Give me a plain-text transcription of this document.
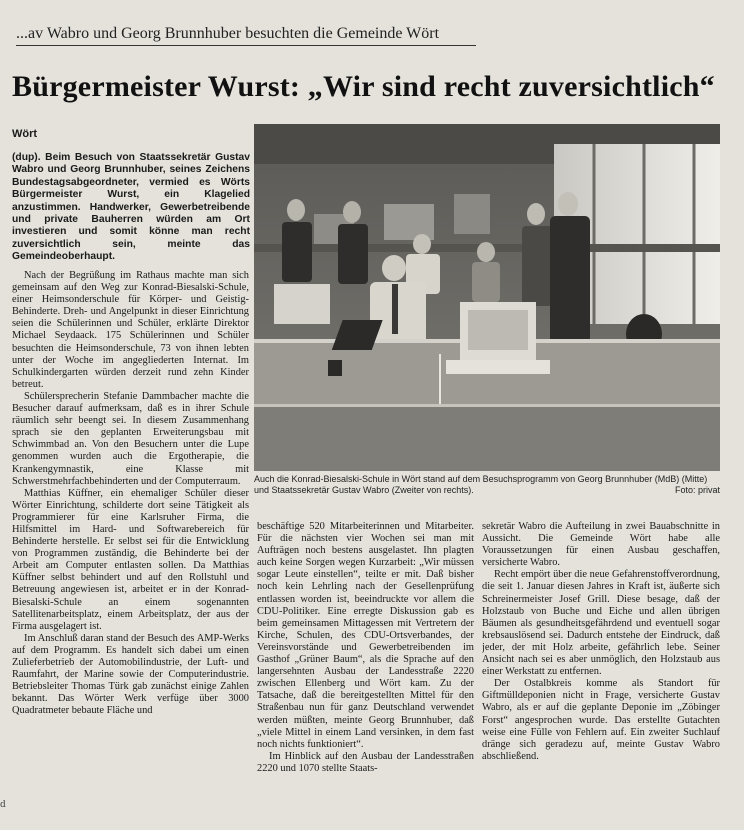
...av Wabro und Georg Brunnhuber besuchten die Gemeinde Wört
Bürgermeister Wurst: „Wir sind recht zuversichtlich“
Wört
(dup). Beim Besuch von Staatssekretär Gustav Wabro und Georg Brunnhuber, seines Zeichens Bundestagsabgeordneter, vermied es Wörts Bürgermeister Wurst, ein Klagelied anzustimmen. Handwerker, Gewerbetreibende und private Bauherren würden am Ort investieren und somit könne man recht zuversichtlich sein, meinte das Gemeindeoberhaupt.
Auch die Konrad-Biesalski-Schule in Wört stand auf dem Besuchsprogramm von Georg Brunnhuber (MdB) (Mitte) und Staatssekretär Gustav Wabro (Zweiter von rechts).	Foto: privat

Nach der Begrüßung im Rathaus machte man sich gemeinsam auf den Weg zur Konrad-Biesalski-Schule, einer Heimsonderschule für Körper- und Geistig-Behinderte. Dreh- und Angelpunkt in dieser Einrichtung seien die Schülerinnen und Schüler, erklärte Direktor Michael Seydaack. 175 Schülerinnen und Schüler besuchten die Heimsonderschule, 73 von ihnen lebten unter der Woche im angegliederten Internat. Im Schulkindergarten würden derzeit rund zehn Kinder betreut.

Schülersprecherin Stefanie Dammbacher machte die Besucher darauf aufmerksam, daß es in ihrer Schule räumlich sehr beengt sei. In diesem Zusammenhang sprach sie den geplanten Erweiterungsbau mit Schwimmbad an. Von den Besuchern unter die Lupe genommen wurden auch die Ergotherapie, die Krankengymnastik, eine Klasse mit Schwerstmehrfachbehinderten und der Computerraum.

Matthias Küffner, ein ehemaliger Schüler dieser Wörter Einrichtung, schilderte dort seine Tätigkeit als Programmierer für eine Karlsruher Firma, die Hilfsmittel im Hard- und Softwarebereich für Behinderte herstelle. Er selbst sei für die Entwicklung von Programmen zuständig, die Behinderte bei der Arbeit am Computer entlasten sollen. Da Matthias Küffner selbst behindert und auf den Rollstuhl und Betreuung angewiesen ist, arbeitet er in der Konrad-Biesalski-Schule an einem sogenannten Satellitenarbeitsplatz, einem Arbeitsplatz, der aus der Firma ausgelagert ist.

Im Anschluß daran stand der Besuch des AMP-Werks auf dem Programm. Es handelt sich dabei um einen Zulieferbetrieb der Automobilindustrie, der Luft- und Raumfahrt, der Marine sowie der Computerindustrie. Betriebsleiter Thomas Türk gab zunächst einige Zahlen bekannt. Das Wörter Werk verfüge über 3000 Quadratmeter bebaute Fläche und

beschäftige 520 Mitarbeiterinnen und Mitarbeiter. Für die nächsten vier Wochen sei man mit Aufträgen noch bestens ausgelastet. Ihn plagten auch keine Sorgen wegen Kurzarbeit: „Wir müssen sogar Leute einstellen“, teilte er mit. Daß bisher noch kein Lehrling nach der Gesellenprüfung entlassen worden ist, beeindruckte vor allem die CDU-Politiker. Eine erregte Diskussion gab es beim gemeinsamen Mittagessen mit Vertretern der Kirche, Schulen, des CDU-Ortsverbandes, der Vereinsvorstände und Gewerbetreibenden im Gasthof „Grüner Baum“, als die Sprache auf den langersehnten Ausbau der Landesstraße 2220 zwischen Ellenberg und Wört kam. Zu der Tatsache, daß die bereitgestellten Mittel für den Straßenbau nun für ganz Deutschland verwendet werden müßten, meinte Georg Brunnhuber, daß „viele Mittel in einem Land versinken, in dem fast noch nichts funktioniert“.

Im Hinblick auf den Ausbau der Landesstraßen 2220 und 1070 stellte Staats-

sekretär Wabro die Aufteilung in zwei Bauabschnitte in Aussicht. Die Gemeinde Wört habe alle Voraussetzungen für einen Ausbau geschaffen, versicherte Wabro.

Recht empört über die neue Gefahrenstoffverordnung, die seit 1. Januar diesen Jahres in Kraft ist, äußerte sich Schreinermeister Josef Grill. Diese besage, daß der Holzstaub von Buche und Eiche und allen übrigen Bäumen als gesundheitsgefährdend und eventuell sogar krebsauslösend sei. Dadurch entstehe der Eindruck, daß jeder, der mit Holz arbeite, gefährlich lebe. Seiner Ansicht nach sei es aber unmöglich, den Holzstaub aus einer Werkstatt zu entfernen.

Der Ostalbkreis komme als Standort für Giftmülldeponien nicht in Frage, versicherte Gustav Wabro, als er auf die geplante Deponie im „Zöbinger Forst“ angesprochen wurde. Das erstellte Gutachten weise eine Fülle von Fehlern auf. Ein zweiter Suchlauf dränge sich geradezu auf, meinte Gustav Wabro abschließend.

d
